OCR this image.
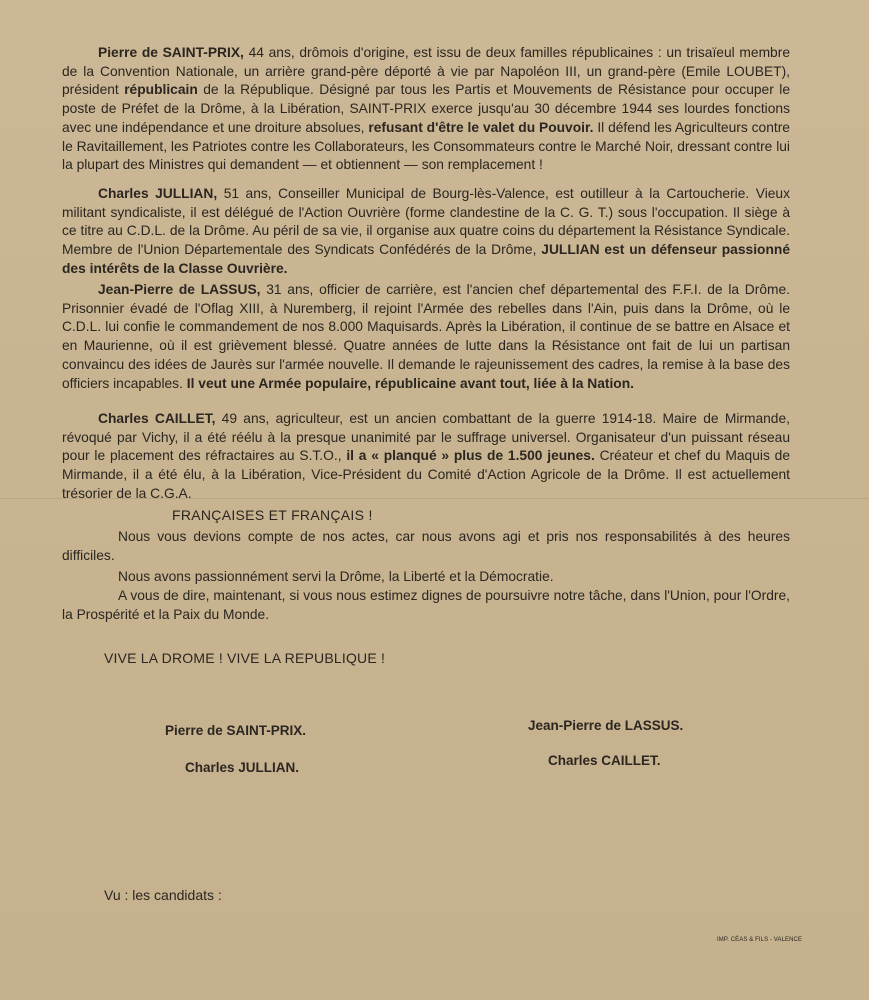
Pierre de SAINT-PRIX, 44 ans, drômois d'origine, est issu de deux familles républicaines : un trisaïeul membre de la Convention Nationale, un arrière grand-père déporté à vie par Napoléon III, un grand-père (Emile LOUBET), président républicain de la République. Désigné par tous les Partis et Mouvements de Résistance pour occuper le poste de Préfet de la Drôme, à la Libération, SAINT-PRIX exerce jusqu'au 30 décembre 1944 ses lourdes fonctions avec une indépendance et une droiture absolues, refusant d'être le valet du Pouvoir. Il défend les Agriculteurs contre le Ravitaillement, les Patriotes contre les Collaborateurs, les Consommateurs contre le Marché Noir, dressant contre lui la plupart des Ministres qui demandent — et obtiennent — son remplacement !

Charles JULLIAN, 51 ans, Conseiller Municipal de Bourg-lès-Valence, est outilleur à la Cartoucherie. Vieux militant syndicaliste, il est délégué de l'Action Ouvrière (forme clandestine de la C. G. T.) sous l'occupation. Il siège à ce titre au C.D.L. de la Drôme. Au péril de sa vie, il organise aux quatre coins du département la Résistance Syndicale. Membre de l'Union Départementale des Syndicats Confédérés de la Drôme, JULLIAN est un défenseur passionné des intérêts de la Classe Ouvrière.

Jean-Pierre de LASSUS, 31 ans, officier de carrière, est l'ancien chef départemental des F.F.I. de la Drôme. Prisonnier évadé de l'Oflag XIII, à Nuremberg, il rejoint l'Armée des rebelles dans l'Ain, puis dans la Drôme, où le C.D.L. lui confie le commandement de nos 8.000 Maquisards. Après la Libération, il continue de se battre en Alsace et en Maurienne, où il est grièvement blessé. Quatre années de lutte dans la Résistance ont fait de lui un partisan convaincu des idées de Jaurès sur l'armée nouvelle. Il demande le rajeunissement des cadres, la remise à la base des officiers incapables. Il veut une Armée populaire, républicaine avant tout, liée à la Nation.

Charles CAILLET, 49 ans, agriculteur, est un ancien combattant de la guerre 1914-18. Maire de Mirmande, révoqué par Vichy, il a été réélu à la presque unanimité par le suffrage universel. Organisateur d'un puissant réseau pour le placement des réfractaires au S.T.O., il a « planqué » plus de 1.500 jeunes. Créateur et chef du Maquis de Mirmande, il a été élu, à la Libération, Vice-Président du Comité d'Action Agricole de la Drôme. Il est actuellement trésorier de la C.G.A.

FRANÇAISES ET FRANÇAIS !

Nous vous devions compte de nos actes, car nous avons agi et pris nos responsabilités à des heures difficiles.

Nous avons passionnément servi la Drôme, la Liberté et la Démocratie.

A vous de dire, maintenant, si vous nous estimez dignes de poursuivre notre tâche, dans l'Union, pour l'Ordre, la Prospérité et la Paix du Monde.

VIVE LA DROME ! VIVE LA REPUBLIQUE !
Pierre de SAINT-PRIX.
Charles JULLIAN.
Jean-Pierre de LASSUS.
Charles CAILLET.
Vu : les candidats :
IMP. CÉAS & FILS - VALENCE
